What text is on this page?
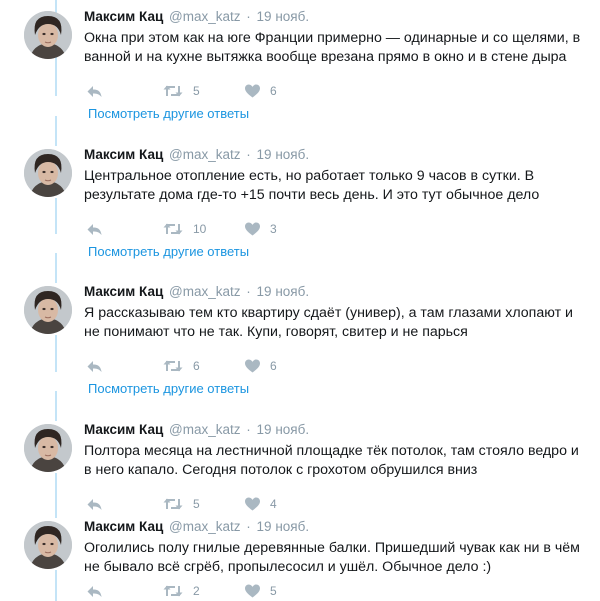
Максим Кац @max_katz · 19 нояб.
Окна при этом как на юге Франции примерно — одинарные и со щелями, в ванной и на кухне вытяжка вообще врезана прямо в окно и в стене дыра
5	6
Посмотреть другие ответы
Максим Кац @max_katz · 19 нояб.
Центральное отопление есть, но работает только 9 часов в сутки. В результате дома где-то +15 почти весь день. И это тут обычное дело
10	3
Посмотреть другие ответы
Максим Кац @max_katz · 19 нояб.
Я рассказываю тем кто квартиру сдаёт (универ), а там глазами хлопают и не понимают что не так. Купи, говорят, свитер и не парься
6	6
Посмотреть другие ответы
Максим Кац @max_katz · 19 нояб.
Полтора месяца на лестничной площадке тёк потолок, там стояло ведро и в него капало. Сегодня потолок с грохотом обрушился вниз
5	4
Максим Кац @max_katz · 19 нояб.
Оголились полу гнилые деревянные балки. Пришедший чувак как ни в чём не бывало всё сгрёб, пропылесосил и ушёл. Обычное дело :)
2	5
